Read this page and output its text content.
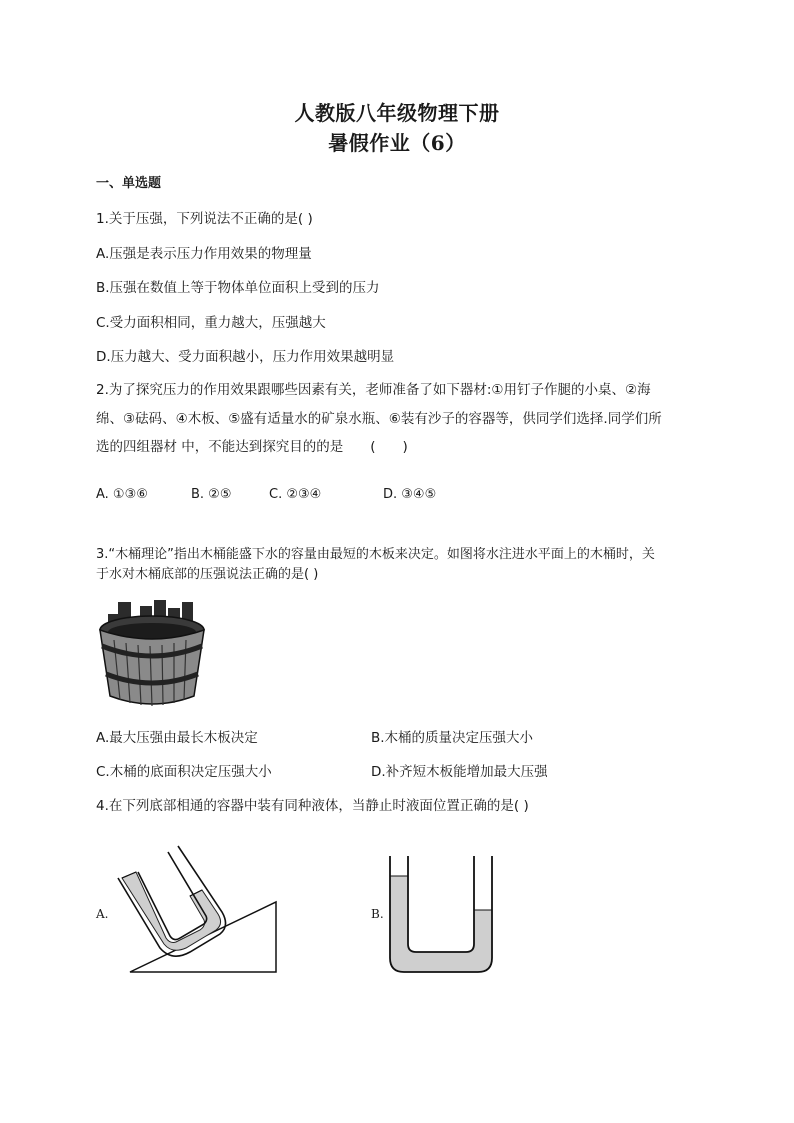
人教版八年级物理下册
暑假作业（6）
一、单选题
1.关于压强，下列说法不正确的是( )
A.压强是表示压力作用效果的物理量
B.压强在数值上等于物体单位面积上受到的压力
C.受力面积相同，重力越大，压强越大
D.压力越大、受力面积越小，压力作用效果越明显
2.为了探究压力的作用效果跟哪些因素有关，老师准备了如下器材:①用钉子作腿的小桌、②海
绵、③砝码、④木板、⑤盛有适量水的矿泉水瓶、⑥装有沙子的容器等，供同学们选择.同学们所
选的四组器材 中，不能达到探究目的的是　　(　　)
A. ①③⑥	B. ②⑤	C. ②③④	D. ③④⑤
3.“木桶理论”指出木桶能盛下水的容量由最短的木板来决定。如图将水注进水平面上的木桶时，关
于水对木桶底部的压强说法正确的是( )
A.最大压强由最长木板决定	B.木桶的质量决定压强大小
C.木桶的底面积决定压强大小	D.补齐短木板能增加最大压强
4.在下列底部相通的容器中装有同种液体，当静止时液面位置正确的是( )
A.	B.
